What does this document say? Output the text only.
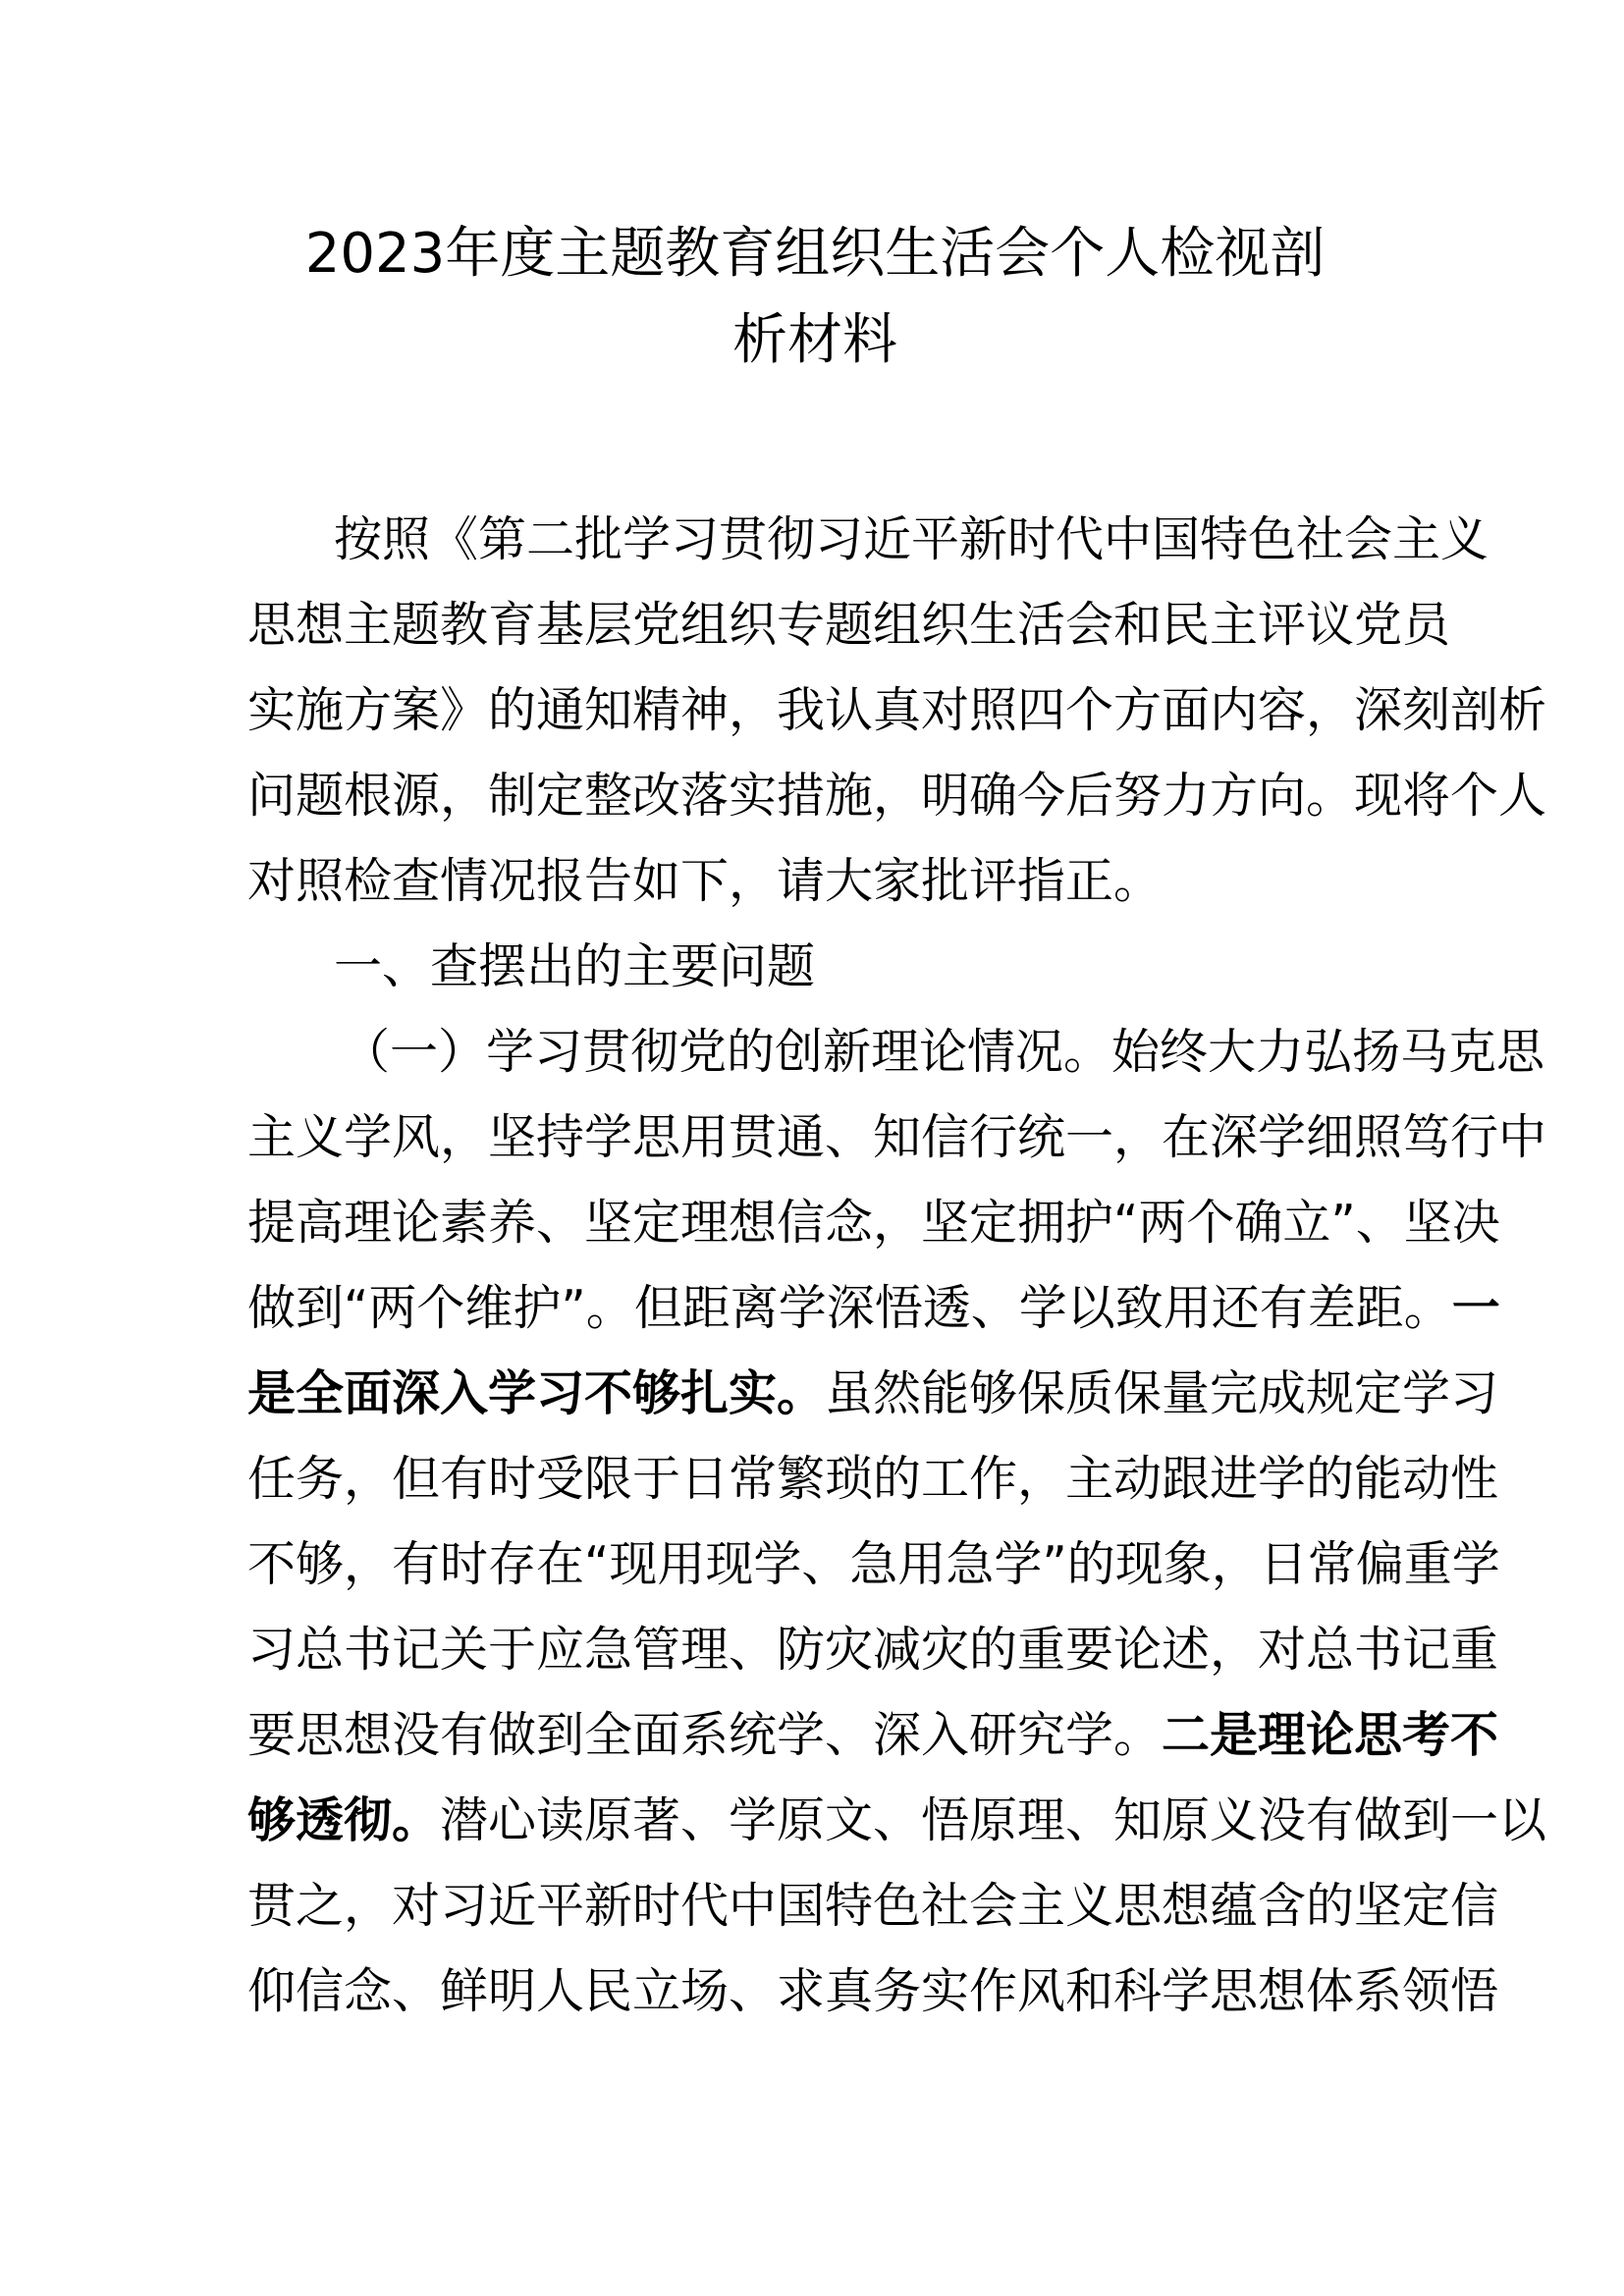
2023年度主题教育组织生活会个人检视剖
析材料
按照《第二批学习贯彻习近平新时代中国特色社会主义
思想主题教育基层党组织专题组织生活会和民主评议党员
实施方案》的通知精神，我认真对照四个方面内容，深刻剖析
问题根源，制定整改落实措施，明确今后努力方向。现将个人
对照检查情况报告如下，请大家批评指正。
一、查摆出的主要问题
（一）学习贯彻党的创新理论情况。始终大力弘扬马克思
主义学风，坚持学思用贯通、知信行统一，在深学细照笃行中
提高理论素养、坚定理想信念，坚定拥护“两个确立”、坚决
做到“两个维护”。但距离学深悟透、学以致用还有差距。一
是全面深入学习不够扎实。虽然能够保质保量完成规定学习
任务，但有时受限于日常繁琐的工作，主动跟进学的能动性
不够，有时存在“现用现学、急用急学”的现象，日常偏重学
习总书记关于应急管理、防灾减灾的重要论述，对总书记重
要思想没有做到全面系统学、深入研究学。二是理论思考不
够透彻。潜心读原著、学原文、悟原理、知原义没有做到一以
贯之，对习近平新时代中国特色社会主义思想蕴含的坚定信
仰信念、鲜明人民立场、求真务实作风和科学思想体系领悟
